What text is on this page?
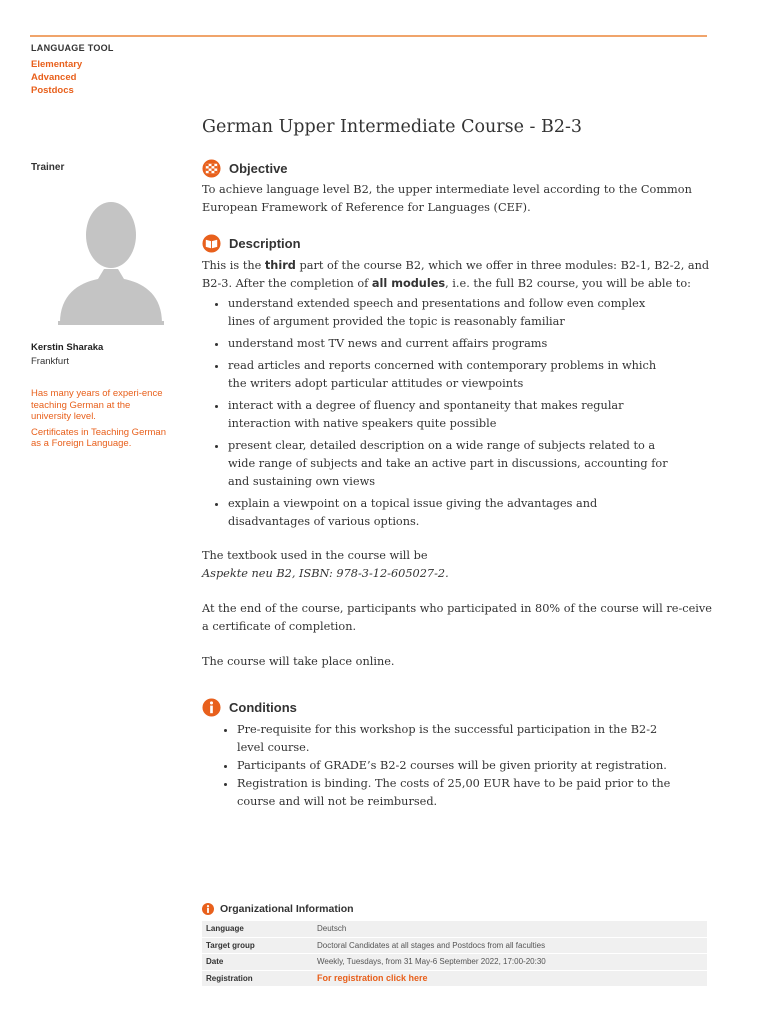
LANGUAGE TOOL
Elementary
Advanced
Postdocs
German Upper Intermediate Course - B2-3
Trainer
Kerstin Sharaka
Frankfurt

Has many years of experi-ence teaching German at the university level.

Certificates in Teaching German as a Foreign Language.

Objective

To achieve language level B2, the upper intermediate level according to the Common European Framework of Reference for Languages (CEF).

Description

This is the third part of the course B2, which we offer in three modules: B2-1, B2-2, and B2-3. After the completion of all modules, i.e. the full B2 course, you will be able to:

• understand extended speech and presentations and follow even complex lines of argument provided the topic is reasonably familiar
• understand most TV news and current affairs programs
• read articles and reports concerned with contemporary problems in which the writers adopt particular attitudes or viewpoints
• interact with a degree of fluency and spontaneity that makes regular interaction with native speakers quite possible
• present clear, detailed description on a wide range of subjects related to a wide range of subjects and take an active part in discussions, accounting for and sustaining own views
• explain a viewpoint on a topical issue giving the advantages and disadvantages of various options.

The textbook used in the course will be

Aspekte neu B2, ISBN: 978-3-12-605027-2.

At the end of the course, participants who participated in 80% of the course will re-ceive a certificate of completion.

The course will take place online.

Conditions
• Pre-requisite for this workshop is the successful participation in the B2-2 level course.
• Participants of GRADE’s B2-2 courses will be given priority at registration.
• Registration is binding. The costs of 25,00 EUR have to be paid prior to the course and will not be reimbursed.
Organizational Information
Language	Deutsch
Target group	Doctoral Candidates at all stages and Postdocs from all faculties
Date	Weekly, Tuesdays, from 31 May-6 September 2022, 17:00-20:30
Registration	For registration click here
